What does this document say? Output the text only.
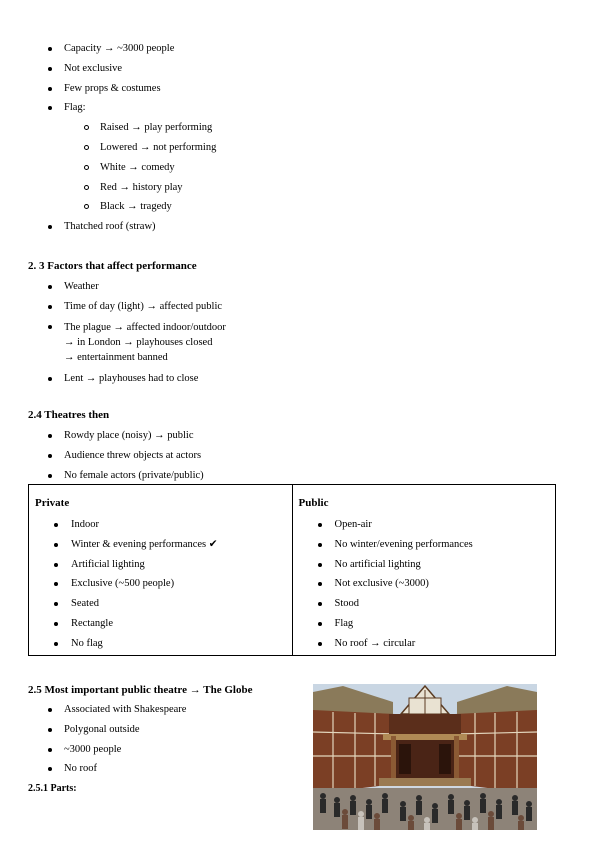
Capacity → ~3000 people
Not exclusive
Few props & costumes
Flag:
Raised → play performing
Lowered → not performing
White → comedy
Red → history play
Black → tragedy
Thatched roof (straw)
2. 3 Factors that affect performance
Weather
Time of day (light) → affected public
The plague → affected indoor/outdoor
→ in London → playhouses closed
→ entertainment banned
Lent → playhouses had to close
2.4 Theatres then
Rowdy place (noisy) → public
Audience threw objects at actors
No female actors (private/public)
Private
Indoor
Winter & evening performances ✔
Artificial lighting
Exclusive (~500 people)
Seated
Rectangle
No flag
Public
Open-air
No winter/evening performances
No artificial lighting
Not exclusive (~3000)
Stood
Flag
No roof → circular
2.5 Most important public theatre → The Globe
Associated with Shakespeare
Polygonal outside
~3000 people
No roof
2.5.1 Parts:
